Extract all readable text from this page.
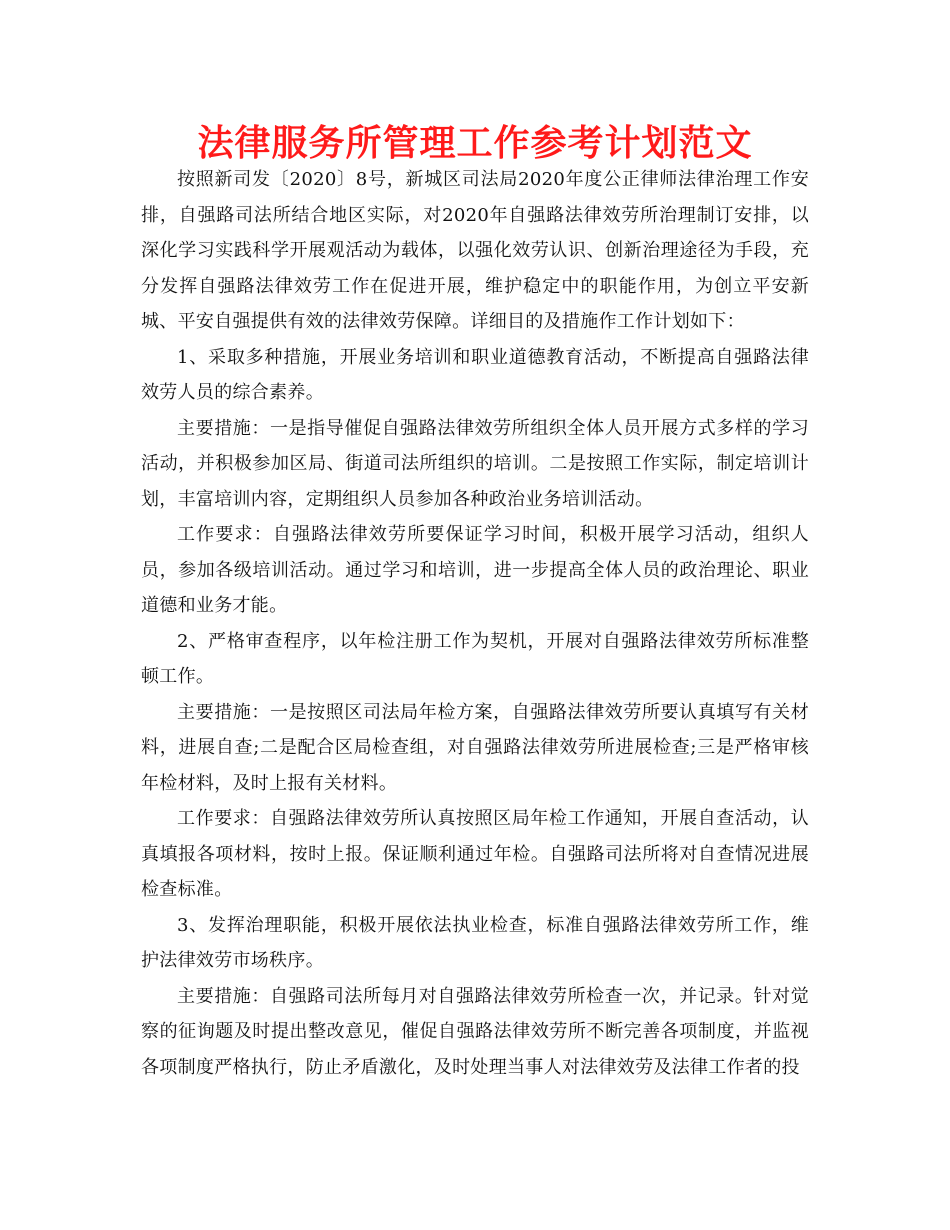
法律服务所管理工作参考计划范文

按照新司发〔2020〕8号，新城区司法局2020年度公正律师法律治理工作安排，自强路司法所结合地区实际，对2020年自强路法律效劳所治理制订安排，以深化学习实践科学开展观活动为载体，以强化效劳认识、创新治理途径为手段，充分发挥自强路法律效劳工作在促进开展，维护稳定中的职能作用，为创立平安新城、平安自强提供有效的法律效劳保障。详细目的及措施作工作计划如下：

1、采取多种措施，开展业务培训和职业道德教育活动，不断提高自强路法律效劳人员的综合素养。

主要措施：一是指导催促自强路法律效劳所组织全体人员开展方式多样的学习活动，并积极参加区局、街道司法所组织的培训。二是按照工作实际，制定培训计划，丰富培训内容，定期组织人员参加各种政治业务培训活动。

工作要求：自强路法律效劳所要保证学习时间，积极开展学习活动，组织人员，参加各级培训活动。通过学习和培训，进一步提高全体人员的政治理论、职业道德和业务才能。

2、严格审查程序，以年检注册工作为契机，开展对自强路法律效劳所标准整顿工作。

主要措施：一是按照区司法局年检方案，自强路法律效劳所要认真填写有关材料，进展自查;二是配合区局检查组，对自强路法律效劳所进展检查;三是严格审核年检材料，及时上报有关材料。

工作要求：自强路法律效劳所认真按照区局年检工作通知，开展自查活动，认真填报各项材料，按时上报。保证顺利通过年检。自强路司法所将对自查情况进展检查标准。

3、发挥治理职能，积极开展依法执业检查，标准自强路法律效劳所工作，维护法律效劳市场秩序。

主要措施：自强路司法所每月对自强路法律效劳所检查一次，并记录。针对觉察的征询题及时提出整改意见，催促自强路法律效劳所不断完善各项制度，并监视各项制度严格执行，防止矛盾激化，及时处理当事人对法律效劳及法律工作者的投
